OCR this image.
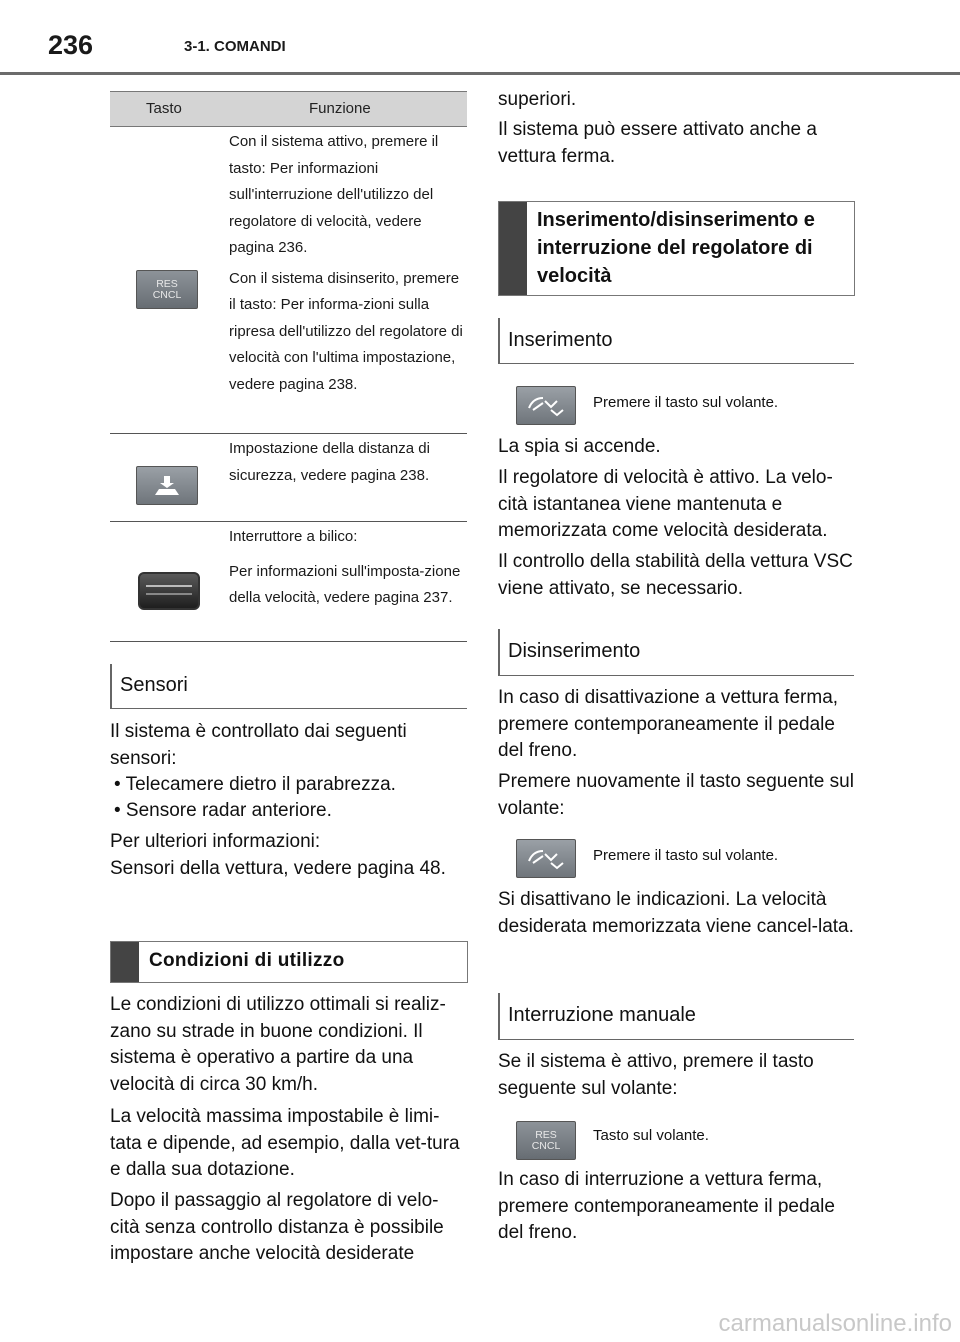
236	3-1. COMANDI
Tasto	Funzione
RES
CNCL

Con il sistema attivo, premere il tasto: Per informazioni sull'interruzione dell'utilizzo del regolatore di velocità, vedere pagina 236.

Con il sistema disinserito, premere il tasto: Per informa-zioni sulla ripresa dell'utilizzo del regolatore di velocità con l'ultima impostazione, vedere pagina 238.

Impostazione della distanza di sicurezza, vedere pagina 238.

Interruttore a bilico:

Per informazioni sull'imposta-zione della velocità, vedere pagina 237.

Sensori

Il sistema è controllato dai seguenti sensori:

• Telecamere dietro il parabrezza.

• Sensore radar anteriore.

Per ulteriori informazioni:

Sensori della vettura, vedere pagina 48.

Condizioni di utilizzo

Le condizioni di utilizzo ottimali si realiz-zano su strade in buone condizioni. Il sistema è operativo a partire da una velocità di circa 30 km/h.

La velocità massima impostabile è limi-tata e dipende, ad esempio, dalla vet-tura e dalla sua dotazione.

Dopo il passaggio al regolatore di velo-cità senza controllo distanza è possibile impostare anche velocità desiderate

superiori.

Il sistema può essere attivato anche a vettura ferma.

Inserimento/disinserimento e interruzione del regolatore di velocità
Inserimento
Premere il tasto sul volante.

La spia si accende.

Il regolatore di velocità è attivo. La velo-cità istantanea viene mantenuta e memorizzata come velocità desiderata.

Il controllo della stabilità della vettura VSC viene attivato, se necessario.

Disinserimento

In caso di disattivazione a vettura ferma, premere contemporaneamente il pedale del freno.

Premere nuovamente il tasto seguente sul volante:

Premere il tasto sul volante.

Si disattivano le indicazioni. La velocità desiderata memorizzata viene cancel-lata.

Interruzione manuale

Se il sistema è attivo, premere il tasto seguente sul volante:

RES
CNCL
Tasto sul volante.

In caso di interruzione a vettura ferma, premere contemporaneamente il pedale del freno.

carmanualsonline.info
